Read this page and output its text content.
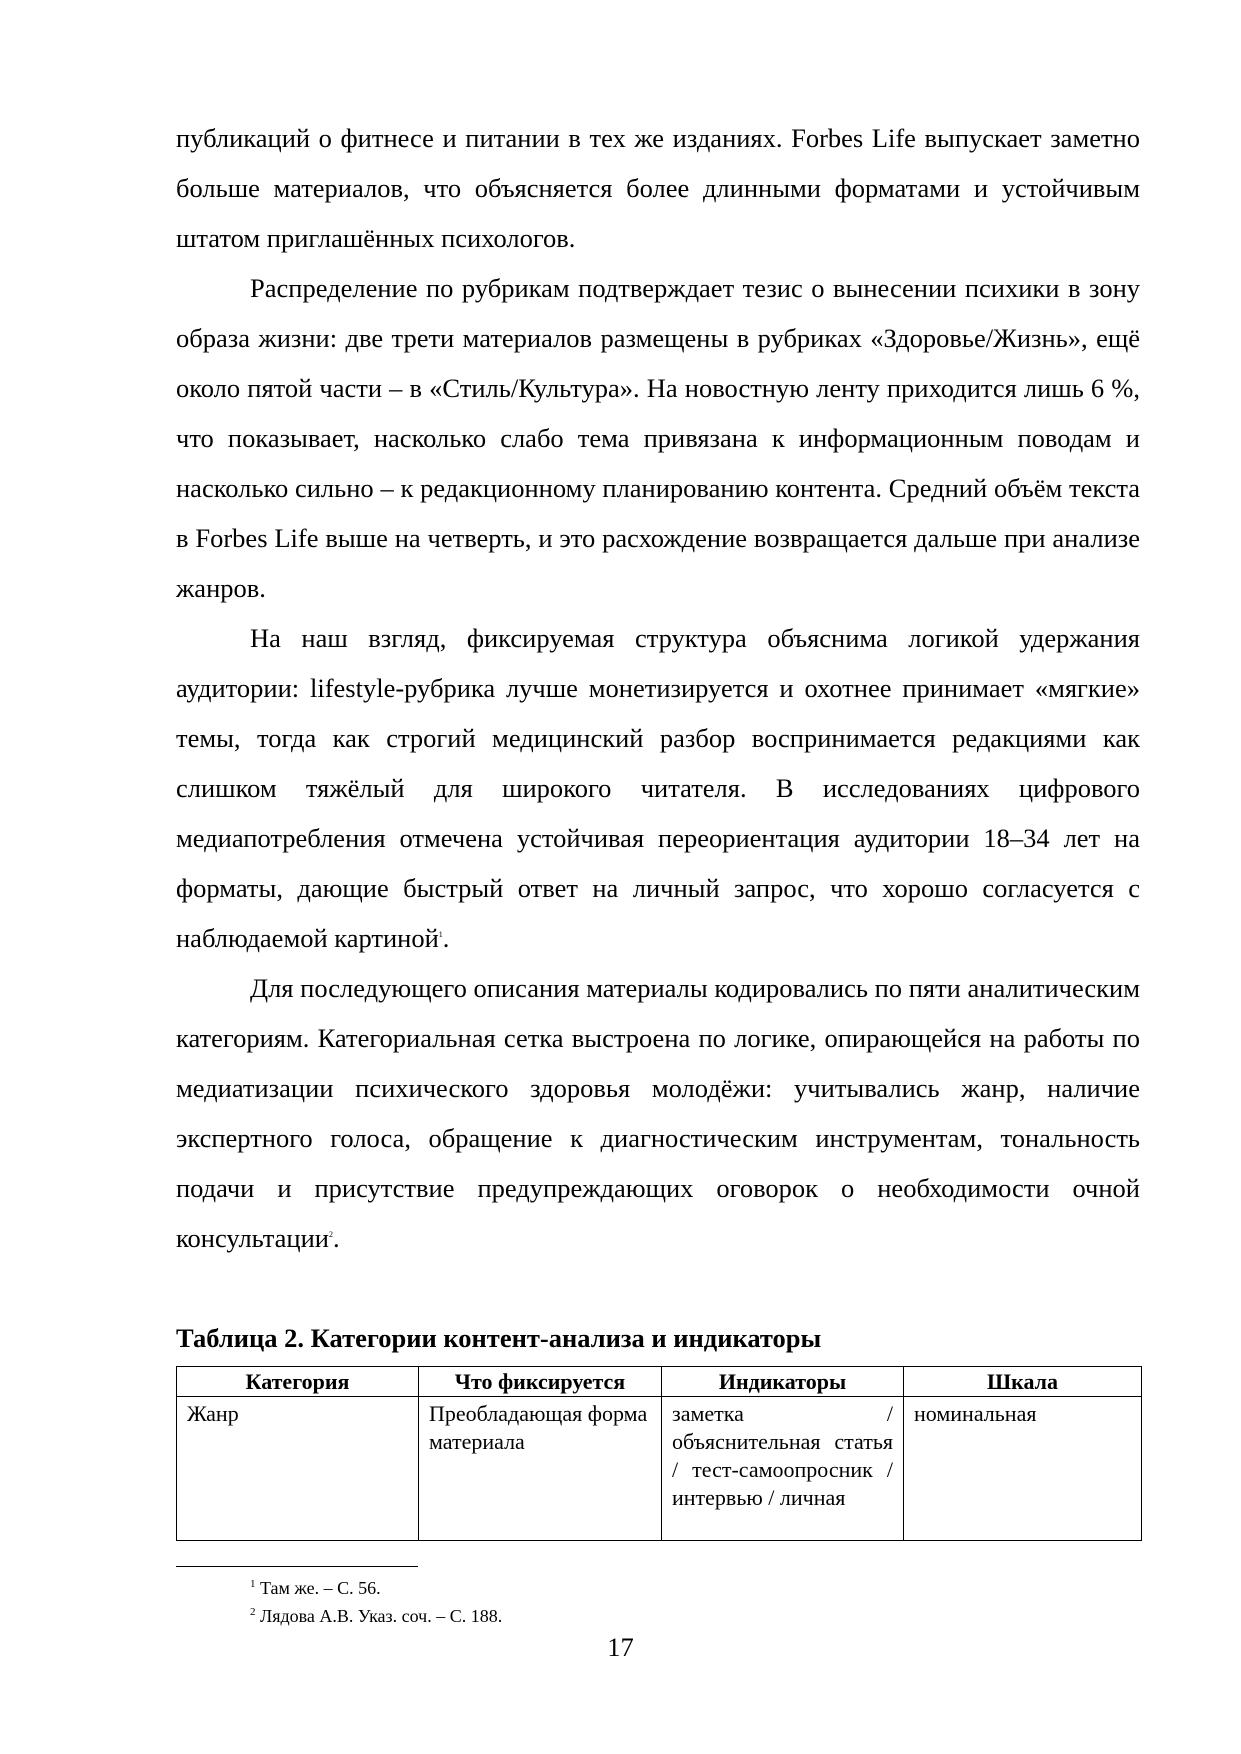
публикаций о фитнесе и питании в тех же изданиях. Forbes Life выпускает заметно больше материалов, что объясняется более длинными форматами и устойчивым штатом приглашённых психологов.

Распределение по рубрикам подтверждает тезис о вынесении психики в зону образа жизни: две трети материалов размещены в рубриках «Здоровье/Жизнь», ещё около пятой части – в «Стиль/Культура». На новостную ленту приходится лишь 6 %, что показывает, насколько слабо тема привязана к информационным поводам и насколько сильно – к редакционному планированию контента. Средний объём текста в Forbes Life выше на четверть, и это расхождение возвращается дальше при анализе жанров.

На наш взгляд, фиксируемая структура объяснима логикой удержания аудитории: lifestyle-рубрика лучше монетизируется и охотнее принимает «мягкие» темы, тогда как строгий медицинский разбор воспринимается редакциями как слишком тяжёлый для широкого читателя. В исследованиях цифрового медиапотребления отмечена устойчивая переориентация аудитории 18–34 лет на форматы, дающие быстрый ответ на личный запрос, что хорошо согласуется с наблюдаемой картиной$^1$.

Для последующего описания материалы кодировались по пяти аналитическим категориям. Категориальная сетка выстроена по логике, опирающейся на работы по медиатизации психического здоровья молодёжи: учитывались жанр, наличие экспертного голоса, обращение к диагностическим инструментам, тональность подачи и присутствие предупреждающих оговорок о необходимости очной консультации$^2$.

Таблица 2. Категории контент-анализа и индикаторы
Категория	Что фиксируется	Индикаторы	Шкала
Жанр	Преобладающая форма материала	заметка / объяснительная статья / тест-самоопросник / интервью / личная	номинальная
$^1$ Там же. – С. 56.
$^2$ Лядова А.В. Указ. соч. – С. 188.
17
